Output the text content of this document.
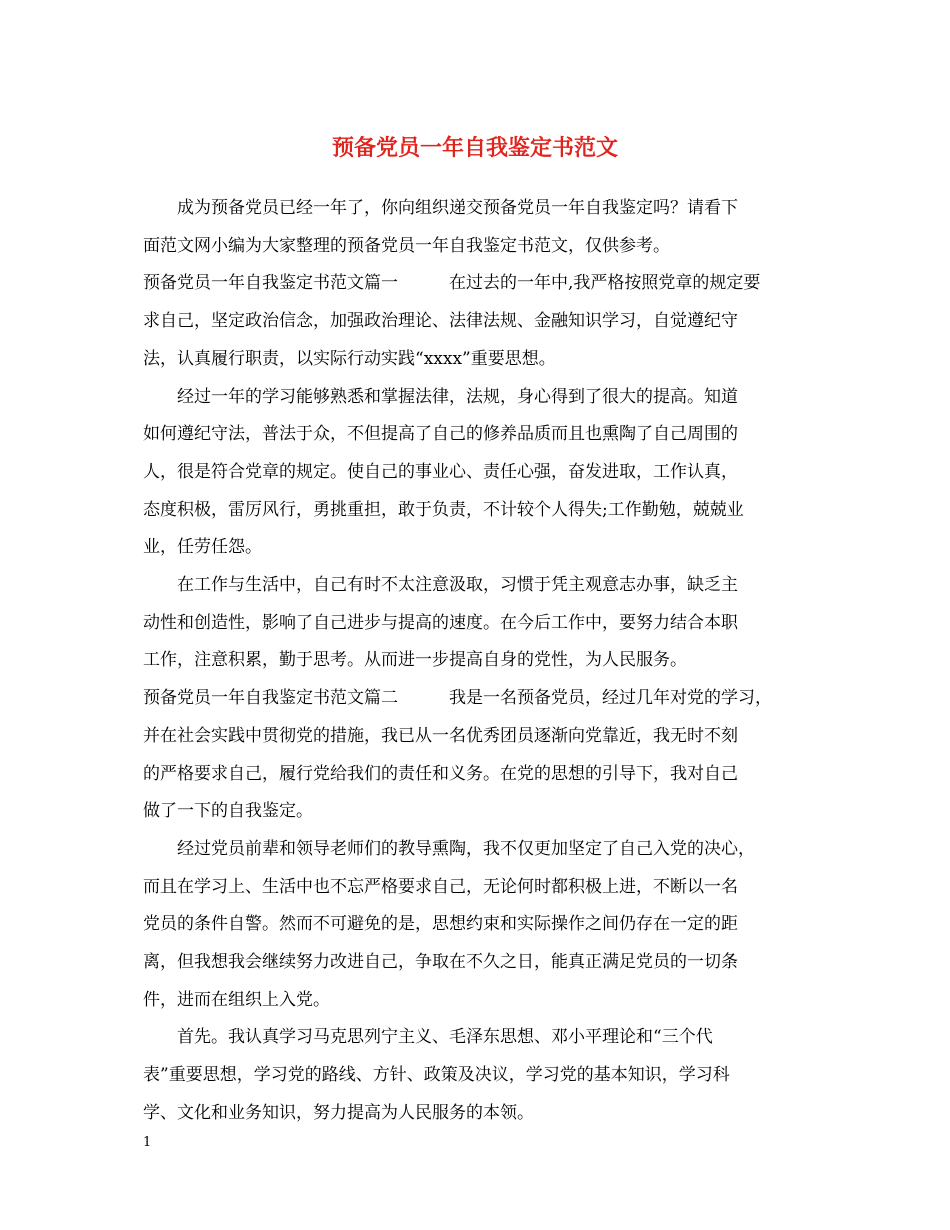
预备党员一年自我鉴定书范文
　　成为预备党员已经一年了，你向组织递交预备党员一年自我鉴定吗？请看下
面范文网小编为大家整理的预备党员一年自我鉴定书范文，仅供参考。
预备党员一年自我鉴定书范文篇一　　　在过去的一年中,我严格按照党章的规定要
求自己，坚定政治信念，加强政治理论、法律法规、金融知识学习，自觉遵纪守
法，认真履行职责，以实际行动实践“xxxx”重要思想。
　　经过一年的学习能够熟悉和掌握法律，法规，身心得到了很大的提高。知道
如何遵纪守法，普法于众，不但提高了自己的修养品质而且也熏陶了自己周围的
人，很是符合党章的规定。使自己的事业心、责任心强，奋发进取，工作认真，
态度积极，雷厉风行，勇挑重担，敢于负责，不计较个人得失;工作勤勉，兢兢业
业，任劳任怨。
　　在工作与生活中，自己有时不太注意汲取，习惯于凭主观意志办事，缺乏主
动性和创造性，影响了自己进步与提高的速度。在今后工作中，要努力结合本职
工作，注意积累，勤于思考。从而进一步提高自身的党性，为人民服务。
预备党员一年自我鉴定书范文篇二　　　我是一名预备党员，经过几年对党的学习，
并在社会实践中贯彻党的措施，我已从一名优秀团员逐渐向党靠近，我无时不刻
的严格要求自己，履行党给我们的责任和义务。在党的思想的引导下，我对自己
做了一下的自我鉴定。
　　经过党员前辈和领导老师们的教导熏陶，我不仅更加坚定了自己入党的决心，
而且在学习上、生活中也不忘严格要求自己，无论何时都积极上进，不断以一名
党员的条件自警。然而不可避免的是，思想约束和实际操作之间仍存在一定的距
离，但我想我会继续努力改进自己，争取在不久之日，能真正满足党员的一切条
件，进而在组织上入党。
　　首先。我认真学习马克思列宁主义、毛泽东思想、邓小平理论和“三个代
表”重要思想，学习党的路线、方针、政策及决议，学习党的基本知识，学习科
学、文化和业务知识，努力提高为人民服务的本领。
1
